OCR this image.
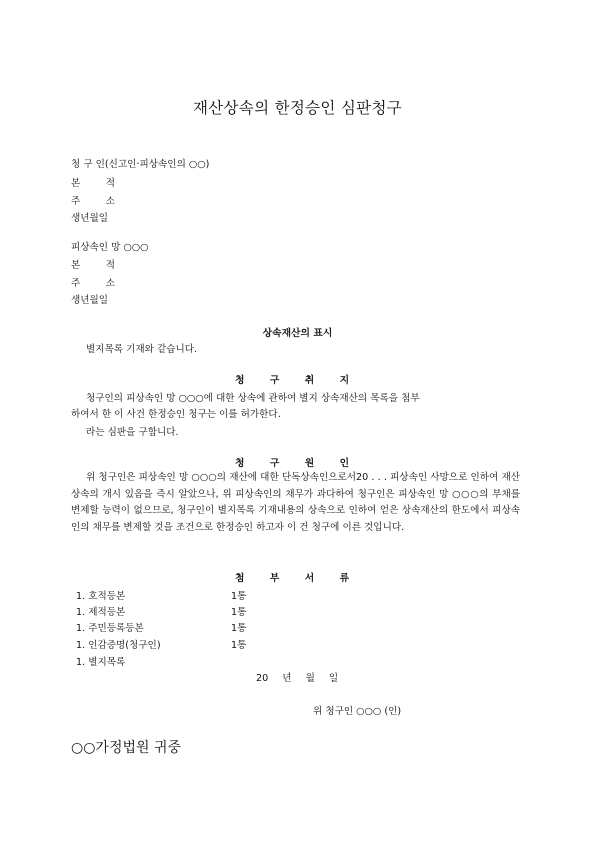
재산상속의 한정승인 심판청구
청 구 인(신고인·피상속인의 ○○)
본 적
주 소
생년월일
피상속인 망 ○○○
본 적
주 소
생년월일
상속재산의 표시
별지목록 기재와 같습니다.
청 구 취 지
청구인의 피상속인 망 ○○○에 대한 상속에 관하여 별지 상속재산의 목록을 첨부
하여서 한 이 사건 한정승인 청구는 이를 허가한다.
라는 심판을 구합니다.
청 구 원 인
위 청구인은 피상속인 망 ○○○의 재산에 대한 단독상속인으로서20 . . . 피상속인 사망으로 인하여 재산상속의 개시 있음을 즉시 알았으나, 위 피상속인의 채무가 과다하여 청구인은 피상속인 망 ○○○의 부채를 변제할 능력이 없으므로, 청구인이 별지목록 기재내용의 상속으로 인하여 얻은 상속재산의 한도에서 피상속인의 채무를 변제할 것을 조건으로 한정승인 하고자 이 건 청구에 이른 것입니다.
첨 부 서 류
1. 호적등본	1통
1. 제적등본	1통
1. 주민등록등본	1통
1. 인감증명(청구인)	1통
1. 별지목록
20 년 월 일
위 청구인 ○○○ (인)
○○가정법원 귀중
